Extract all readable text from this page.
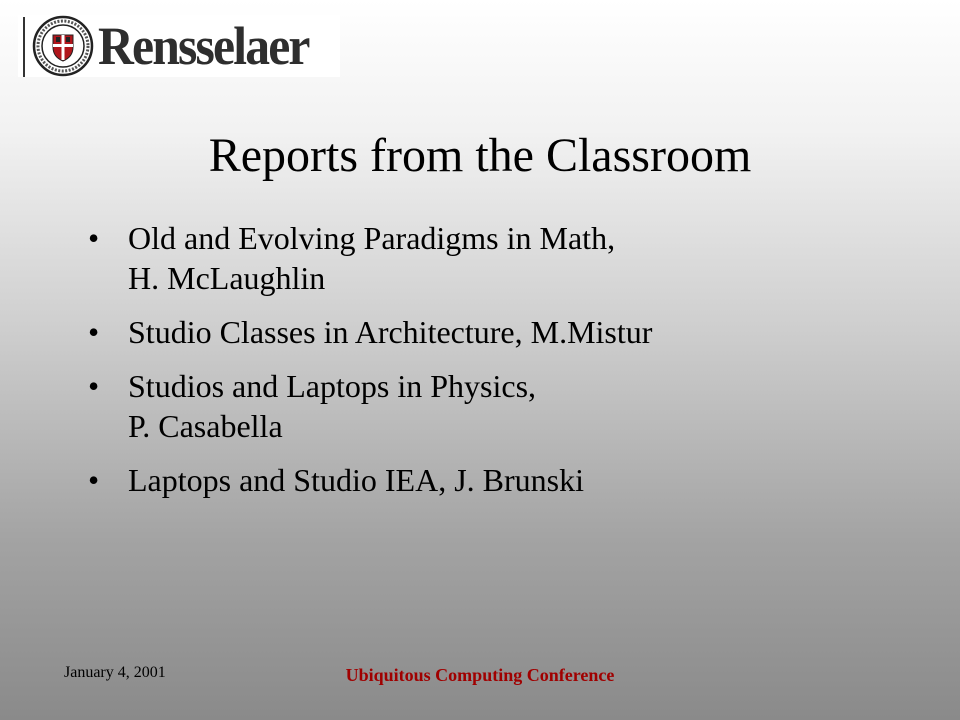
Rensselaer
Reports from the Classroom
• Old and Evolving Paradigms in Math,
H. McLaughlin
• Studio Classes in Architecture, M.Mistur
• Studios and Laptops in Physics,
P. Casabella
• Laptops and Studio IEA, J. Brunski
January 4, 2001	Ubiquitous Computing Conference
